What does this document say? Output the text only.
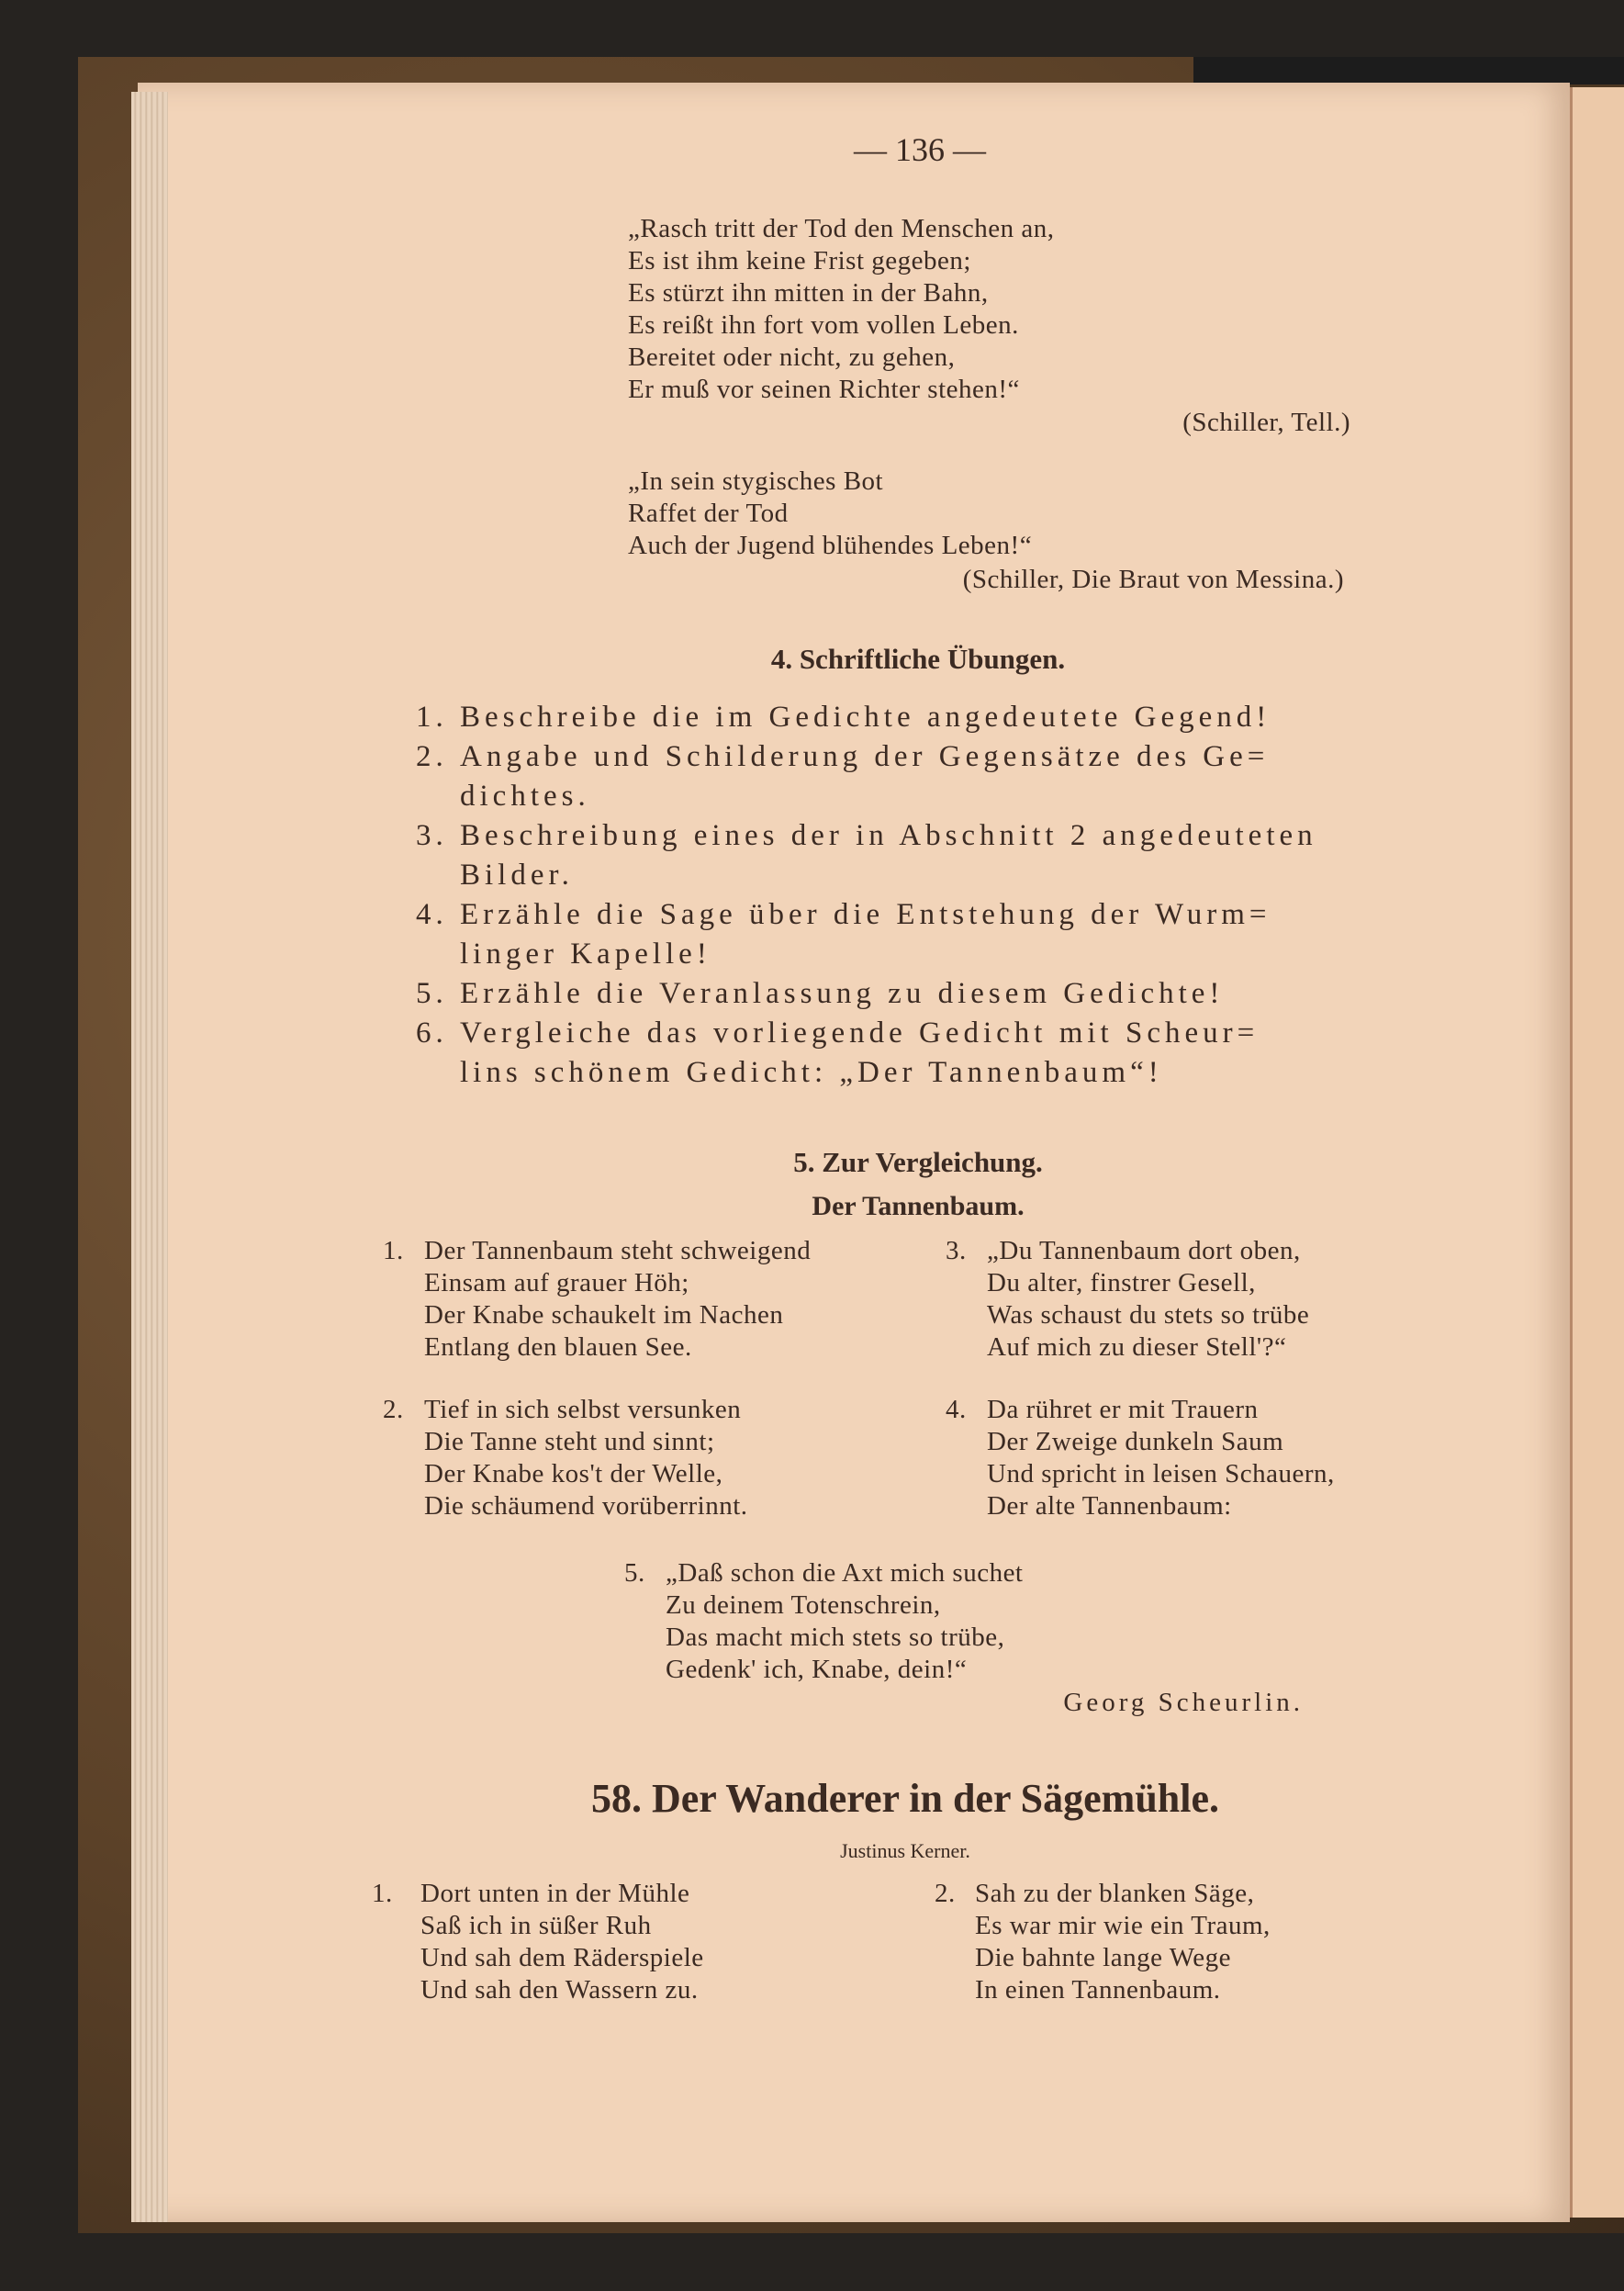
— 136 —
„Rasch tritt der Tod den Menschen an,
Es ist ihm keine Frist gegeben;
Es stürzt ihn mitten in der Bahn,
Es reißt ihn fort vom vollen Leben.
Bereitet oder nicht, zu gehen,
Er muß vor seinen Richter stehen!“
(Schiller, Tell.)
„In sein stygisches Bot
Raffet der Tod
Auch der Jugend blühendes Leben!“
(Schiller, Die Braut von Messina.)
4. Schriftliche Übungen.
1. Beschreibe die im Gedichte angedeutete Gegend!
2. Angabe und Schilderung der Gegensätze des Ge=
dichtes.
3. Beschreibung eines der in Abschnitt 2 angedeuteten
Bilder.
4. Erzähle die Sage über die Entstehung der Wurm=
linger Kapelle!
5. Erzähle die Veranlassung zu diesem Gedichte!
6. Vergleiche das vorliegende Gedicht mit Scheur=
lins schönem Gedicht: „Der Tannenbaum“!
5. Zur Vergleichung.
Der Tannenbaum.
1. Der Tannenbaum steht schweigend
Einsam auf grauer Höh;
Der Knabe schaukelt im Nachen
Entlang den blauen See.
2. Tief in sich selbst versunken
Die Tanne steht und sinnt;
Der Knabe kos't der Welle,
Die schäumend vorüberrinnt.
3. „Du Tannenbaum dort oben,
Du alter, finstrer Gesell,
Was schaust du stets so trübe
Auf mich zu dieser Stell'?“
4. Da rühret er mit Trauern
Der Zweige dunkeln Saum
Und spricht in leisen Schauern,
Der alte Tannenbaum:
5. „Daß schon die Axt mich suchet
Zu deinem Totenschrein,
Das macht mich stets so trübe,
Gedenk' ich, Knabe, dein!“
Georg Scheurlin.
58. Der Wanderer in der Sägemühle.
Justinus Kerner.
1.	Dort unten in der Mühle
Saß ich in süßer Ruh
Und sah dem Räderspiele
Und sah den Wassern zu.
2. Sah zu der blanken Säge,
Es war mir wie ein Traum,
Die bahnte lange Wege
In einen Tannenbaum.
